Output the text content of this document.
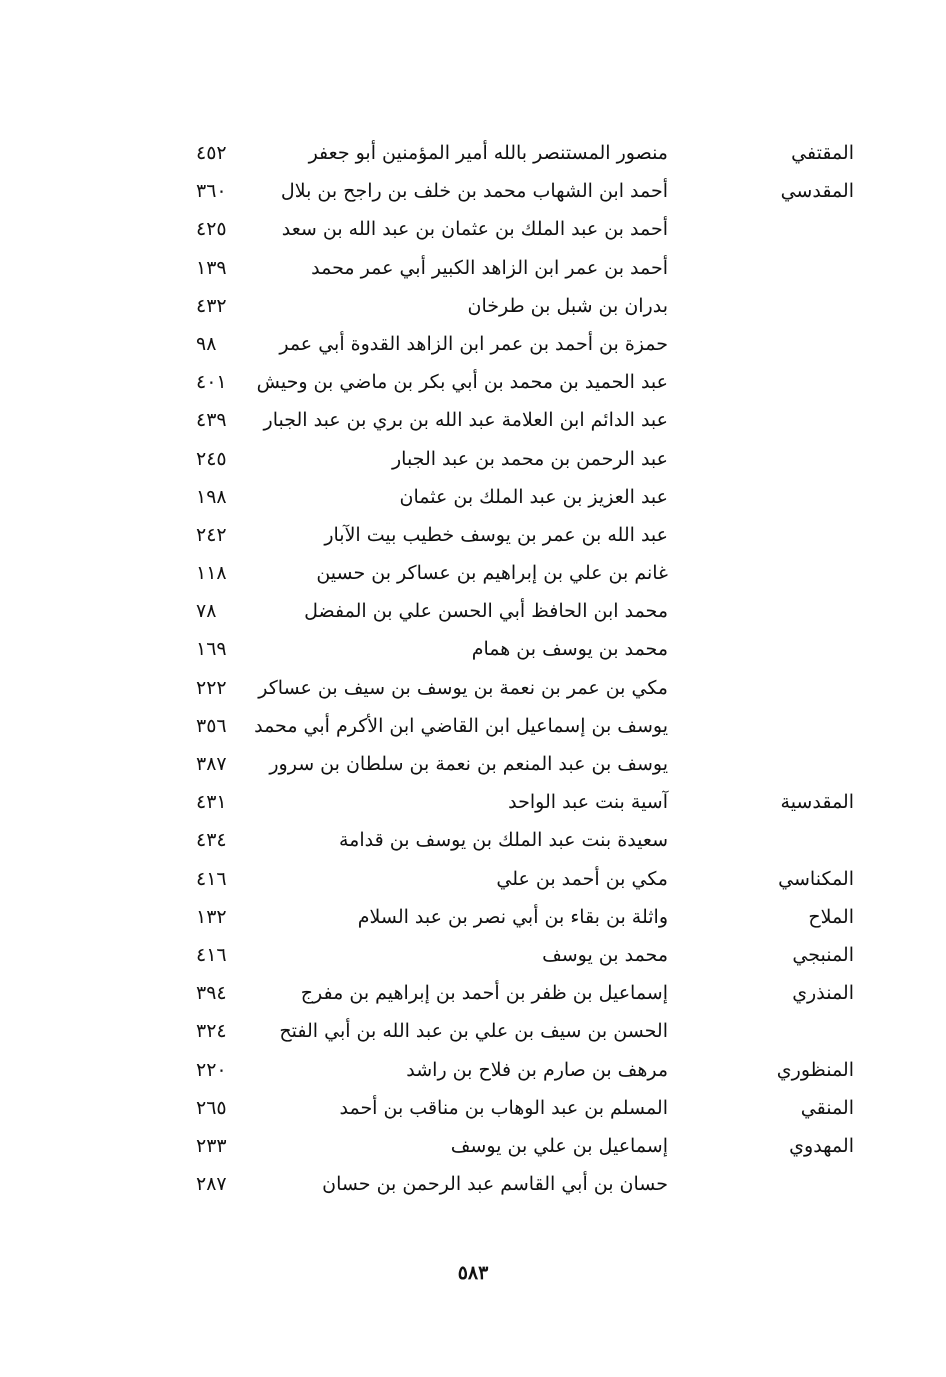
المقتفي
منصور المستنصر بالله أمير المؤمنين أبو جعفر
٤٥٢
المقدسي
أحمد ابن الشهاب محمد بن خلف بن راجح بن بلال
٣٦٠
أحمد بن عبد الملك بن عثمان بن عبد الله بن سعد
٤٢٥
أحمد بن عمر ابن الزاهد الكبير أبي عمر محمد
١٣٩
بدران بن شبل بن طرخان
٤٣٢
حمزة بن أحمد بن عمر ابن الزاهد القدوة أبي عمر
٩٨
عبد الحميد بن محمد بن أبي بكر بن ماضي بن وحيش
٤٠١
عبد الدائم ابن العلامة عبد الله بن بري بن عبد الجبار
٤٣٩
عبد الرحمن بن محمد بن عبد الجبار
٢٤٥
عبد العزيز بن عبد الملك بن عثمان
١٩٨
عبد الله بن عمر بن يوسف خطيب بيت الآبار
٢٤٢
غانم بن علي بن إبراهيم بن عساكر بن حسين
١١٨
محمد ابن الحافظ أبي الحسن علي بن المفضل
٧٨
محمد بن يوسف بن همام
١٦٩
مكي بن عمر بن نعمة بن يوسف بن سيف بن عساكر
٢٢٢
يوسف بن إسماعيل ابن القاضي ابن الأكرم أبي محمد
٣٥٦
يوسف بن عبد المنعم بن نعمة بن سلطان بن سرور
٣٨٧
المقدسية
آسية بنت عبد الواحد
٤٣١
سعيدة بنت عبد الملك بن يوسف بن قدامة
٤٣٤
المكناسي
مكي بن أحمد بن علي
٤١٦
الملاح
واثلة بن بقاء بن أبي نصر بن عبد السلام
١٣٢
المنبجي
محمد بن يوسف
٤١٦
المنذري
إسماعيل بن ظفر بن أحمد بن إبراهيم بن مفرج
٣٩٤
الحسن بن سيف بن علي بن عبد الله بن أبي الفتح
٣٢٤
المنظوري
مرهف بن صارم بن فلاح بن راشد
٢٢٠
المنقي
المسلم بن عبد الوهاب بن مناقب بن أحمد
٢٦٥
المهدوي
إسماعيل بن علي بن يوسف
٢٣٣
حسان بن أبي القاسم عبد الرحمن بن حسان
٢٨٧
٥٨٣
